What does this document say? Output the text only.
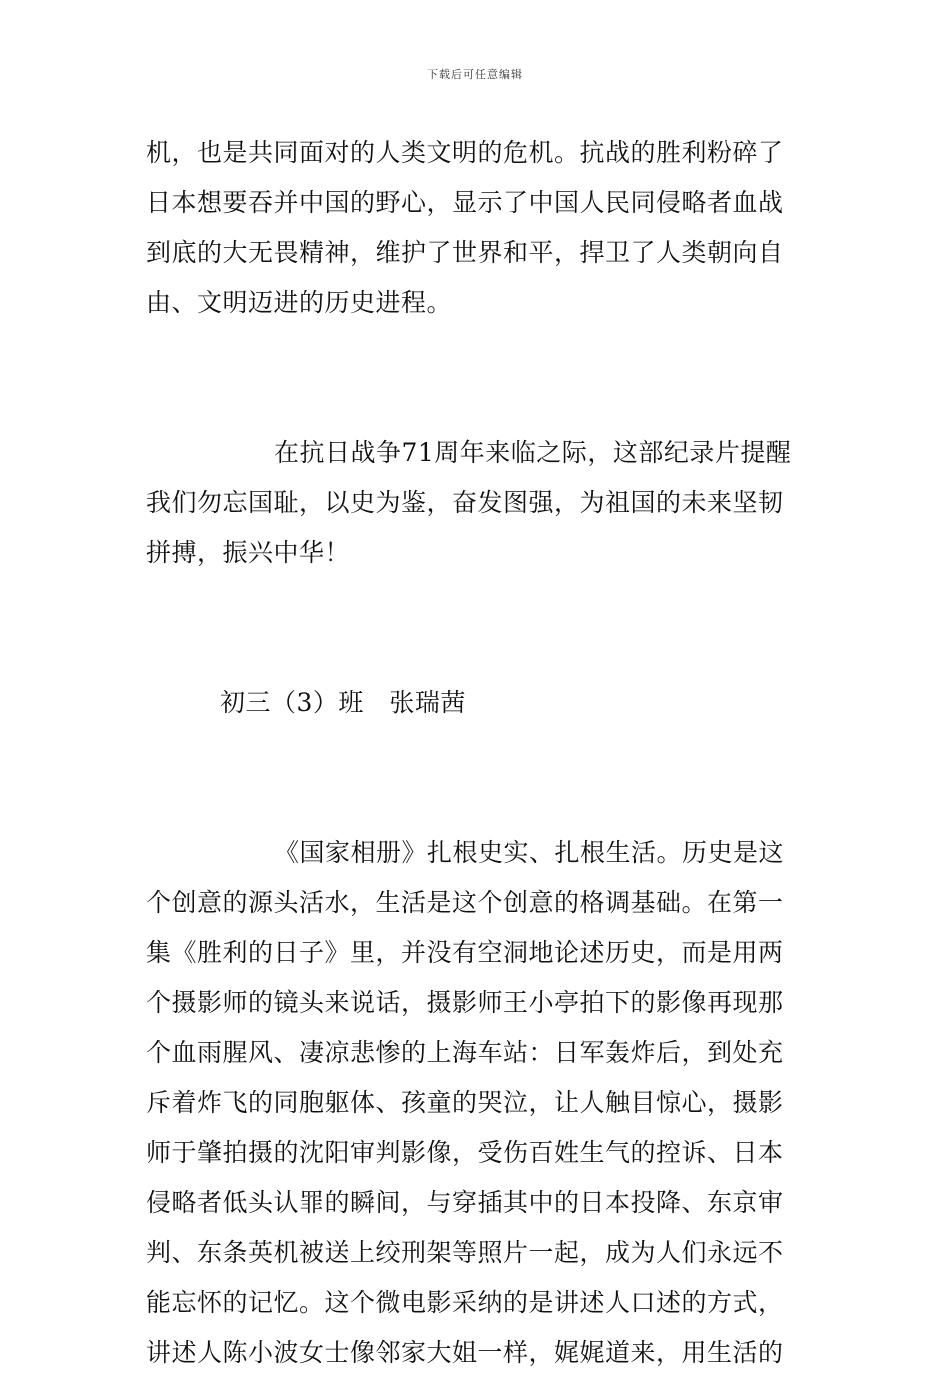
下载后可任意编辑
机，也是共同面对的人类文明的危机。抗战的胜利粉碎了
日本想要吞并中国的野心，显示了中国人民同侵略者血战
到底的大无畏精神，维护了世界和平，捍卫了人类朝向自
由、文明迈进的历史进程。
在抗日战争71周年来临之际，这部纪录片提醒
我们勿忘国耻，以史为鉴，奋发图强，为祖国的未来坚韧
拼搏，振兴中华！
初三（3）班　张瑞茜
《国家相册》扎根史实、扎根生活。历史是这
个创意的源头活水，生活是这个创意的格调基础。在第一
集《胜利的日子》里，并没有空洞地论述历史，而是用两
个摄影师的镜头来说话，摄影师王小亭拍下的影像再现那
个血雨腥风、凄凉悲惨的上海车站：日军轰炸后，到处充
斥着炸飞的同胞躯体、孩童的哭泣，让人触目惊心，摄影
师于肇拍摄的沈阳审判影像，受伤百姓生气的控诉、日本
侵略者低头认罪的瞬间，与穿插其中的日本投降、东京审
判、东条英机被送上绞刑架等照片一起，成为人们永远不
能忘怀的记忆。这个微电影采纳的是讲述人口述的方式，
讲述人陈小波女士像邻家大姐一样，娓娓道来，用生活的
